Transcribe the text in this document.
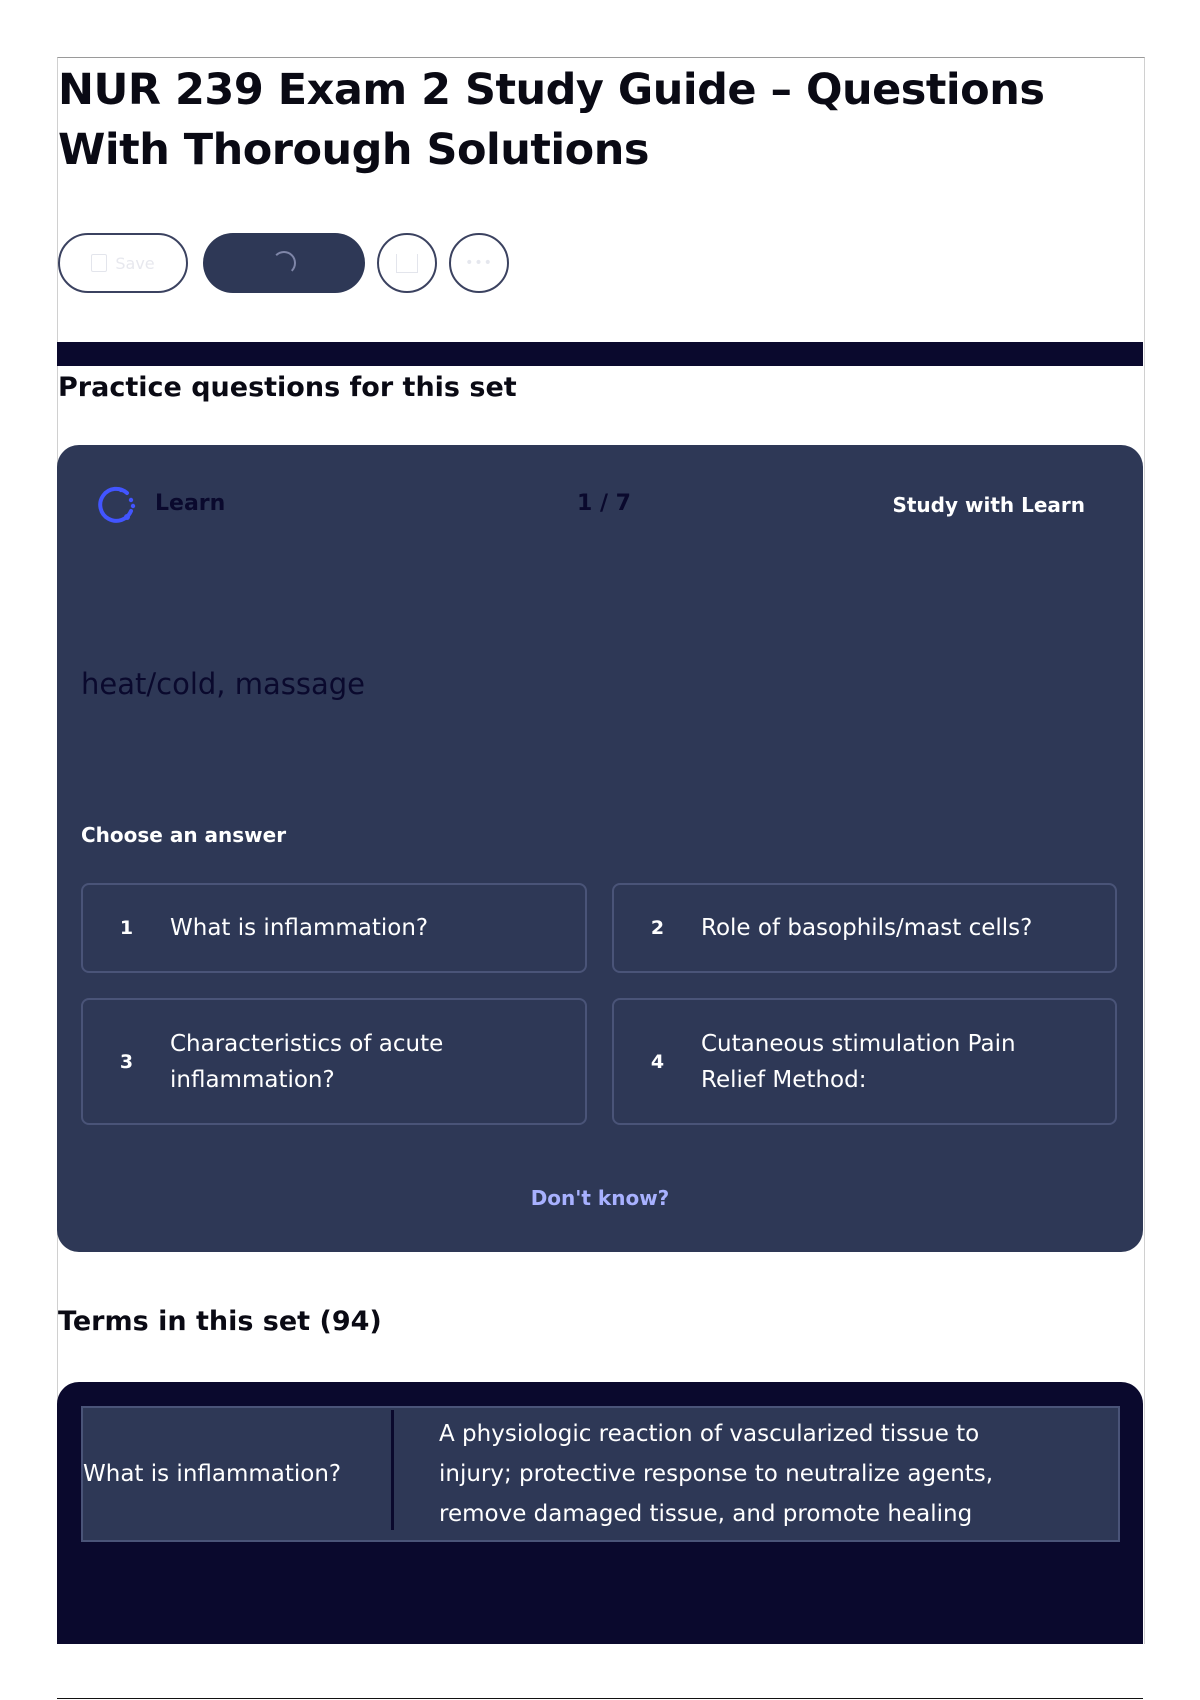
NUR 239 Exam 2 Study Guide – Questions With Thorough Solutions
Save	•••
Practice questions for this set
Learn	1 / 7	Study with Learn
heat/cold, massage
Choose an answer
1	What is inflammation?	2	Role of basophils/mast cells?
3
Characteristics of acute inflammation?
4
Cutaneous stimulation Pain Relief Method:
Don't know?
Terms in this set (94)
What is inflammation?
A physiologic reaction of vascularized tissue to injury; protective response to neutralize agents, remove damaged tissue, and promote healing
